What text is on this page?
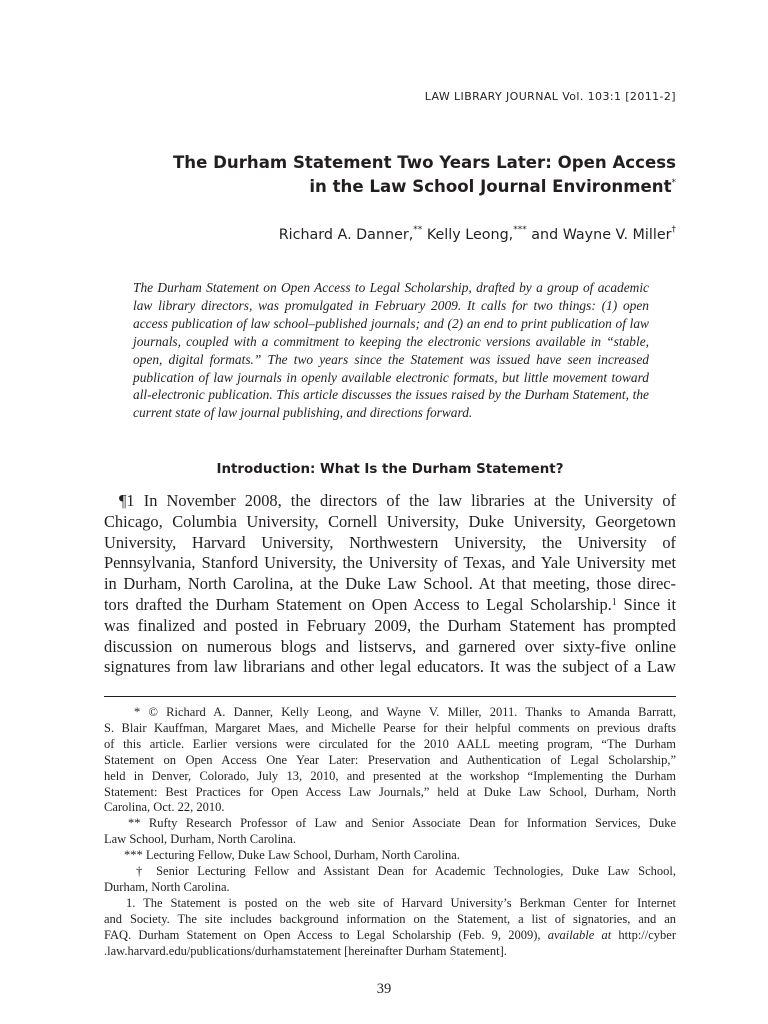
LAW LIBRARY JOURNAL Vol. 103:1 [2011-2]
The Durham Statement Two Years Later: Open Access
in the Law School Journal Environment*
Richard A. Danner,** Kelly Leong,*** and Wayne V. Miller†

The Durham Statement on Open Access to Legal Scholarship, drafted by a group of academic law library directors, was promulgated in February 2009. It calls for two things: (1) open access publication of law school–published journals; and (2) an end to print publication of law journals, coupled with a commitment to keeping the electronic versions available in “stable, open, digital formats.” The two years since the Statement was issued have seen increased publication of law journals in openly available electronic formats, but little movement toward all-electronic publication. This article discusses the issues raised by the Durham Statement, the current state of law journal publishing, and directions forward.

Introduction: What Is the Durham Statement?
¶1 In November 2008, the directors of the law libraries at the University of
Chicago, Columbia University, Cornell University, Duke University, Georgetown
University, Harvard University, Northwestern University, the University of
Pennsylvania, Stanford University, the University of Texas, and Yale University met
in Durham, North Carolina, at the Duke Law School. At that meeting, those direc-
tors drafted the Durham Statement on Open Access to Legal Scholarship.$^1$ Since it
was finalized and posted in February 2009, the Durham Statement has prompted
discussion on numerous blogs and listservs, and garnered over sixty-five online
signatures from law librarians and other legal educators. It was the subject of a Law
* © Richard A. Danner, Kelly Leong, and Wayne V. Miller, 2011. Thanks to Amanda Barratt,
S. Blair Kauffman, Margaret Maes, and Michelle Pearse for their helpful comments on previous drafts
of this article. Earlier versions were circulated for the 2010 AALL meeting program, “The Durham
Statement on Open Access One Year Later: Preservation and Authentication of Legal Scholarship,”
held in Denver, Colorado, July 13, 2010, and presented at the workshop “Implementing the Durham
Statement: Best Practices for Open Access Law Journals,” held at Duke Law School, Durham, North
Carolina, Oct. 22, 2010.
** Rufty Research Professor of Law and Senior Associate Dean for Information Services, Duke
Law School, Durham, North Carolina.
*** Lecturing Fellow, Duke Law School, Durham, North Carolina.
† Senior Lecturing Fellow and Assistant Dean for Academic Technologies, Duke Law School,
Durham, North Carolina.
1. The Statement is posted on the web site of Harvard University’s Berkman Center for Internet
and Society. The site includes background information on the Statement, a list of signatories, and an
FAQ. Durham Statement on Open Access to Legal Scholarship (Feb. 9, 2009), available at http://cyber
.law.harvard.edu/publications/durhamstatement [hereinafter Durham Statement].
39
